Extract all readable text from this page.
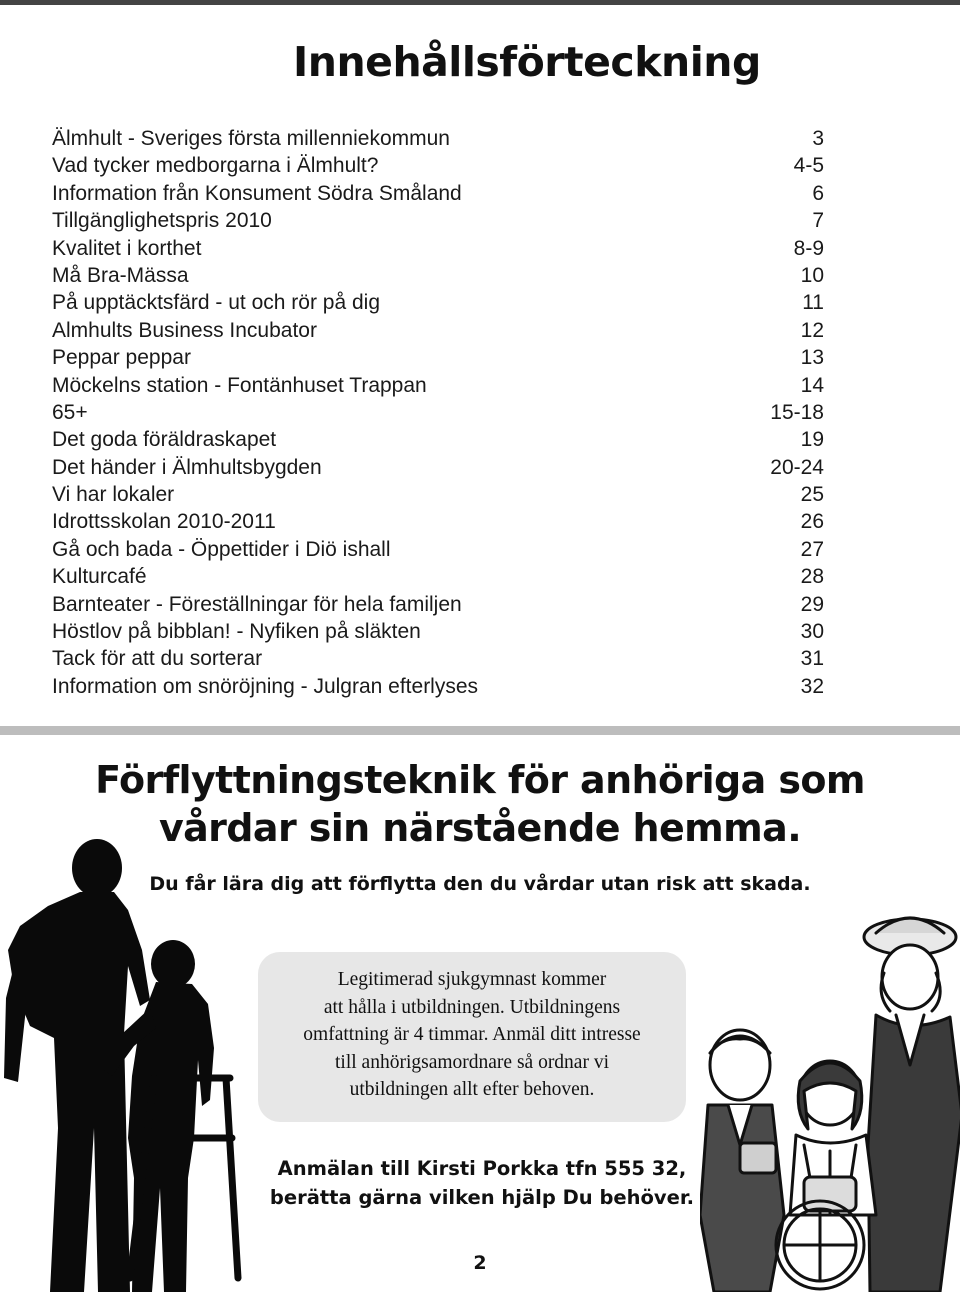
Innehållsförteckning
Älmhult - Sveriges första millenniekommun	3
Vad tycker medborgarna i Älmhult?	4-5
Information från Konsument Södra Småland	6
Tillgänglighetspris 2010	7
Kvalitet i korthet	8-9
Må Bra-Mässa	10
På upptäcktsfärd - ut och rör på dig	11
Almhults Business Incubator	12
Peppar peppar	13
Möckelns station - Fontänhuset Trappan	14
65+	15-18
Det goda föräldraskapet	19
Det händer i Älmhultsbygden	20-24
Vi har lokaler	25
Idrottsskolan 2010-2011	26
Gå och bada - Öppettider i Diö ishall	27
Kulturcafé	28
Barnteater - Föreställningar för hela familjen	29
Höstlov på bibblan! - Nyfiken på släkten	30
Tack för att du sorterar	31
Information om snöröjning - Julgran efterlyses	32
Förflyttningsteknik för anhöriga som
vårdar sin närstående hemma.
Du får lära dig att förflytta den du vårdar utan risk att skada.
Legitimerad sjukgymnast kommer
att hålla i utbildningen. Utbildningens
omfattning är 4 timmar. Anmäl ditt intresse
till anhörigsamordnare så ordnar vi
utbildningen allt efter behoven.
Anmälan till Kirsti Porkka tfn 555 32,
berätta gärna vilken hjälp Du behöver.
2
